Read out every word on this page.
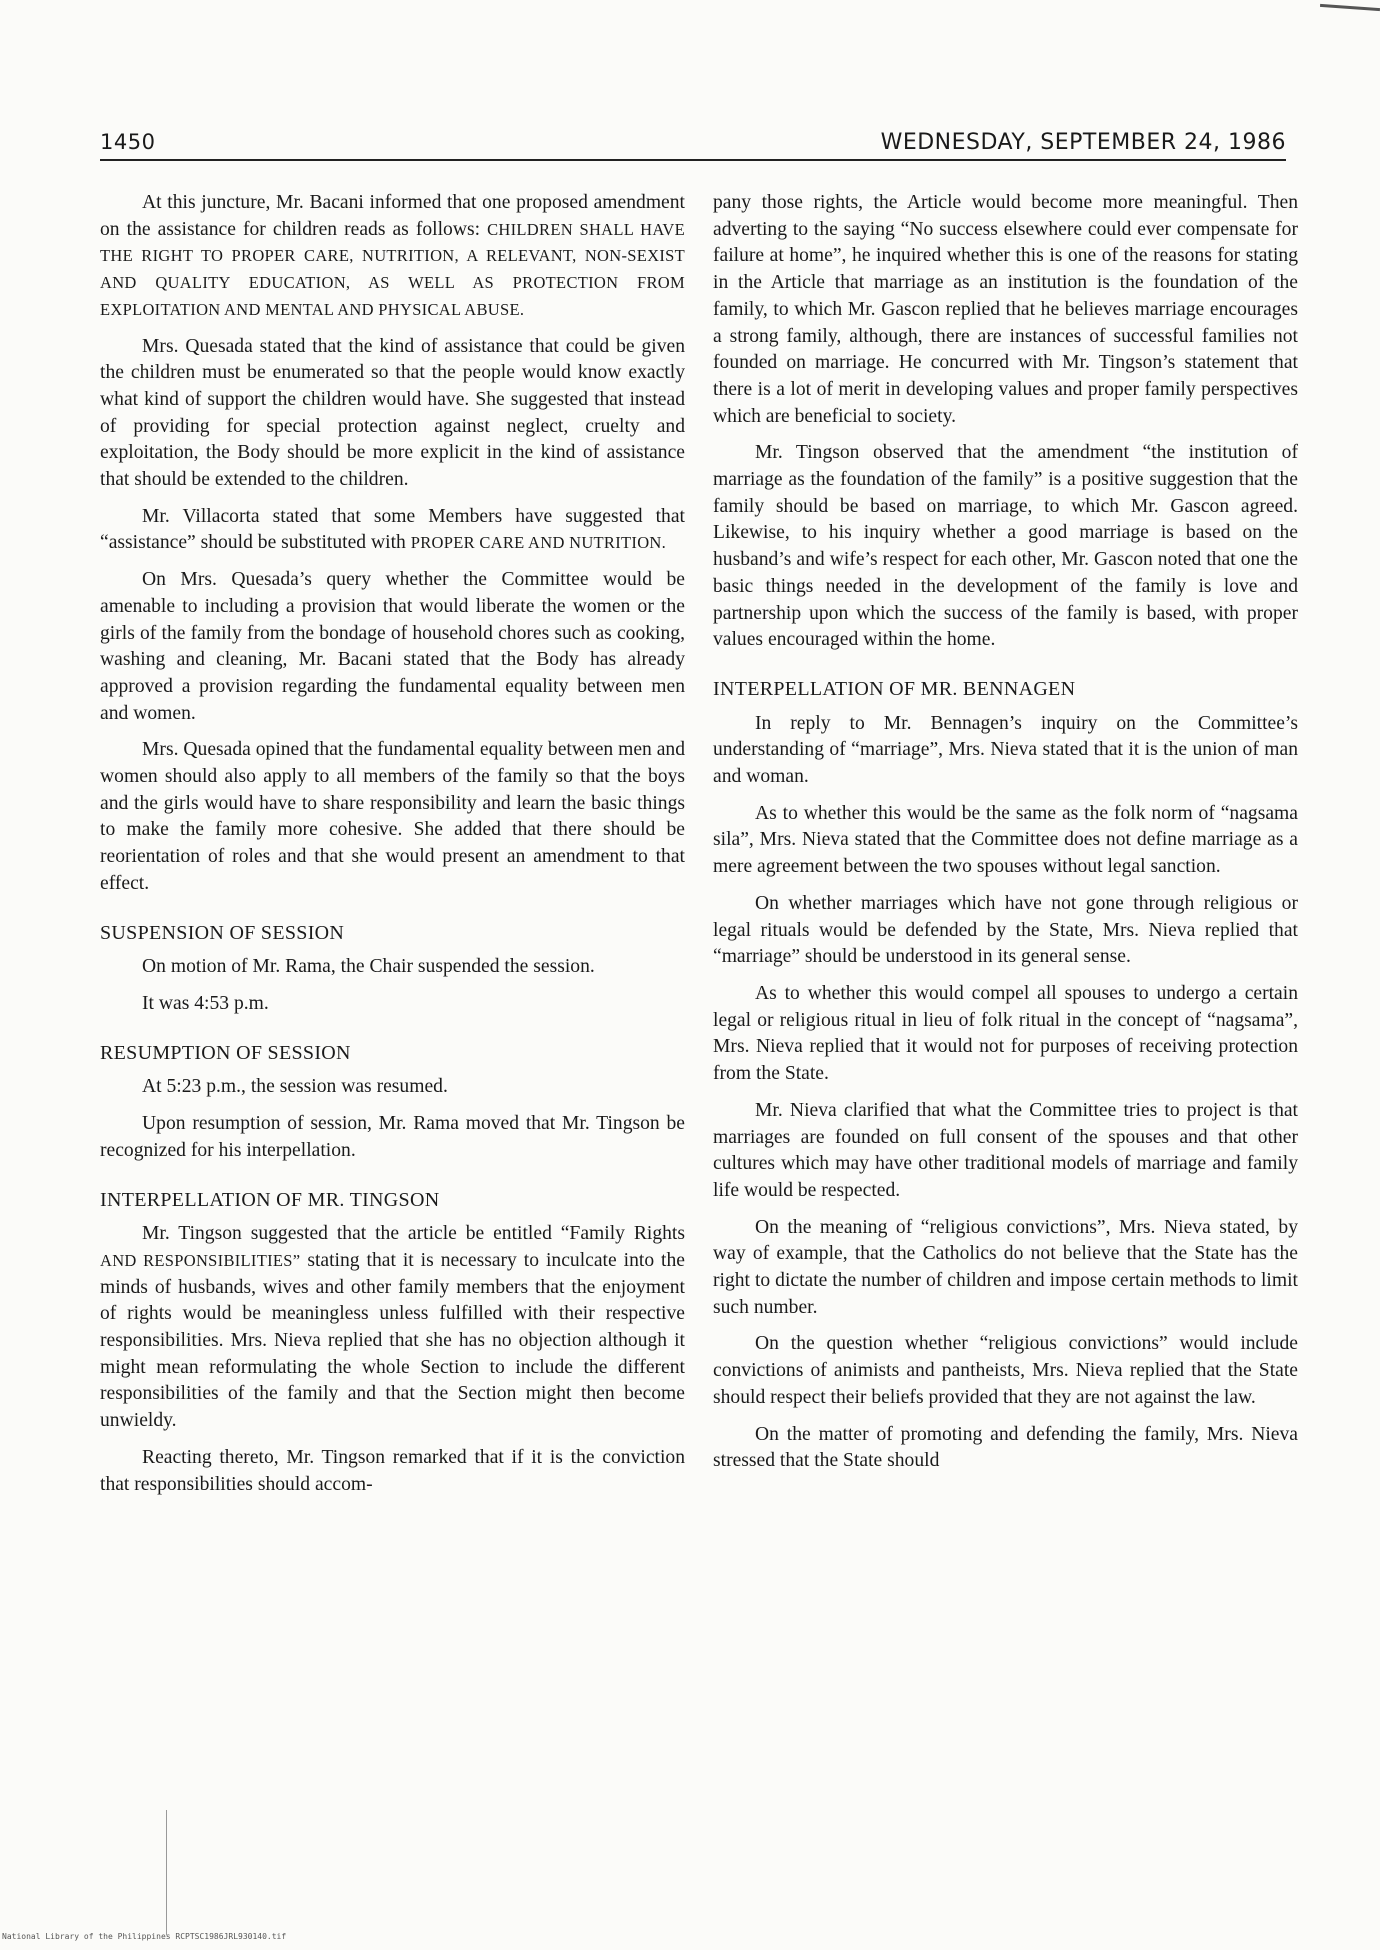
1450	WEDNESDAY, SEPTEMBER 24, 1986

At this juncture, Mr. Bacani informed that one proposed amendment on the assistance for children reads as follows: CHILDREN SHALL HAVE THE RIGHT TO PROPER CARE, NUTRITION, A RELEVANT, NON-SEXIST AND QUALITY EDUCATION, AS WELL AS PROTECTION FROM EXPLOITATION AND MENTAL AND PHYSICAL ABUSE.

Mrs. Quesada stated that the kind of assistance that could be given the children must be enumerated so that the people would know exactly what kind of support the children would have. She suggested that instead of providing for special protection against neglect, cruelty and exploitation, the Body should be more explicit in the kind of assistance that should be extended to the children.

Mr. Villacorta stated that some Members have suggested that “assistance” should be substituted with PROPER CARE AND NUTRITION.

On Mrs. Quesada’s query whether the Committee would be amenable to including a provision that would liberate the women or the girls of the family from the bondage of household chores such as cooking, washing and cleaning, Mr. Bacani stated that the Body has already approved a provision regarding the fundamental equality between men and women.

Mrs. Quesada opined that the fundamental equality between men and women should also apply to all members of the family so that the boys and the girls would have to share responsibility and learn the basic things to make the family more cohesive. She added that there should be reorientation of roles and that she would present an amendment to that effect.

SUSPENSION OF SESSION

On motion of Mr. Rama, the Chair suspended the session.

It was 4:53 p.m.

RESUMPTION OF SESSION

At 5:23 p.m., the session was resumed.

Upon resumption of session, Mr. Rama moved that Mr. Tingson be recognized for his interpellation.

INTERPELLATION OF MR. TINGSON

Mr. Tingson suggested that the article be entitled “Family Rights AND RESPONSIBILITIES” stating that it is necessary to inculcate into the minds of husbands, wives and other family members that the enjoyment of rights would be meaningless unless fulfilled with their respective responsibilities. Mrs. Nieva replied that she has no objection although it might mean reformulating the whole Section to include the different responsibilities of the family and that the Section might then become unwieldy.

Reacting thereto, Mr. Tingson remarked that if it is the conviction that responsibilities should accom-

pany those rights, the Article would become more meaningful. Then adverting to the saying “No success elsewhere could ever compensate for failure at home”, he inquired whether this is one of the reasons for stating in the Article that marriage as an institution is the foundation of the family, to which Mr. Gascon replied that he believes marriage encourages a strong family, although, there are instances of successful families not founded on marriage. He concurred with Mr. Tingson’s statement that there is a lot of merit in developing values and proper family perspectives which are beneficial to society.

Mr. Tingson observed that the amendment “the institution of marriage as the foundation of the family” is a positive suggestion that the family should be based on marriage, to which Mr. Gascon agreed. Likewise, to his inquiry whether a good marriage is based on the husband’s and wife’s respect for each other, Mr. Gascon noted that one the basic things needed in the development of the family is love and partnership upon which the success of the family is based, with proper values encouraged within the home.

INTERPELLATION OF MR. BENNAGEN

In reply to Mr. Bennagen’s inquiry on the Committee’s understanding of “marriage”, Mrs. Nieva stated that it is the union of man and woman.

As to whether this would be the same as the folk norm of “nagsama sila”, Mrs. Nieva stated that the Committee does not define marriage as a mere agreement between the two spouses without legal sanction.

On whether marriages which have not gone through religious or legal rituals would be defended by the State, Mrs. Nieva replied that “marriage” should be understood in its general sense.

As to whether this would compel all spouses to undergo a certain legal or religious ritual in lieu of folk ritual in the concept of “nagsama”, Mrs. Nieva replied that it would not for purposes of receiving protection from the State.

Mr. Nieva clarified that what the Committee tries to project is that marriages are founded on full consent of the spouses and that other cultures which may have other traditional models of marriage and family life would be respected.

On the meaning of “religious convictions”, Mrs. Nieva stated, by way of example, that the Catholics do not believe that the State has the right to dictate the number of children and impose certain methods to limit such number.

On the question whether “religious convictions” would include convictions of animists and pantheists, Mrs. Nieva replied that the State should respect their beliefs provided that they are not against the law.

On the matter of promoting and defending the family, Mrs. Nieva stressed that the State should

National Library of the Philippines RCPTSC1986JRL930140.tif
